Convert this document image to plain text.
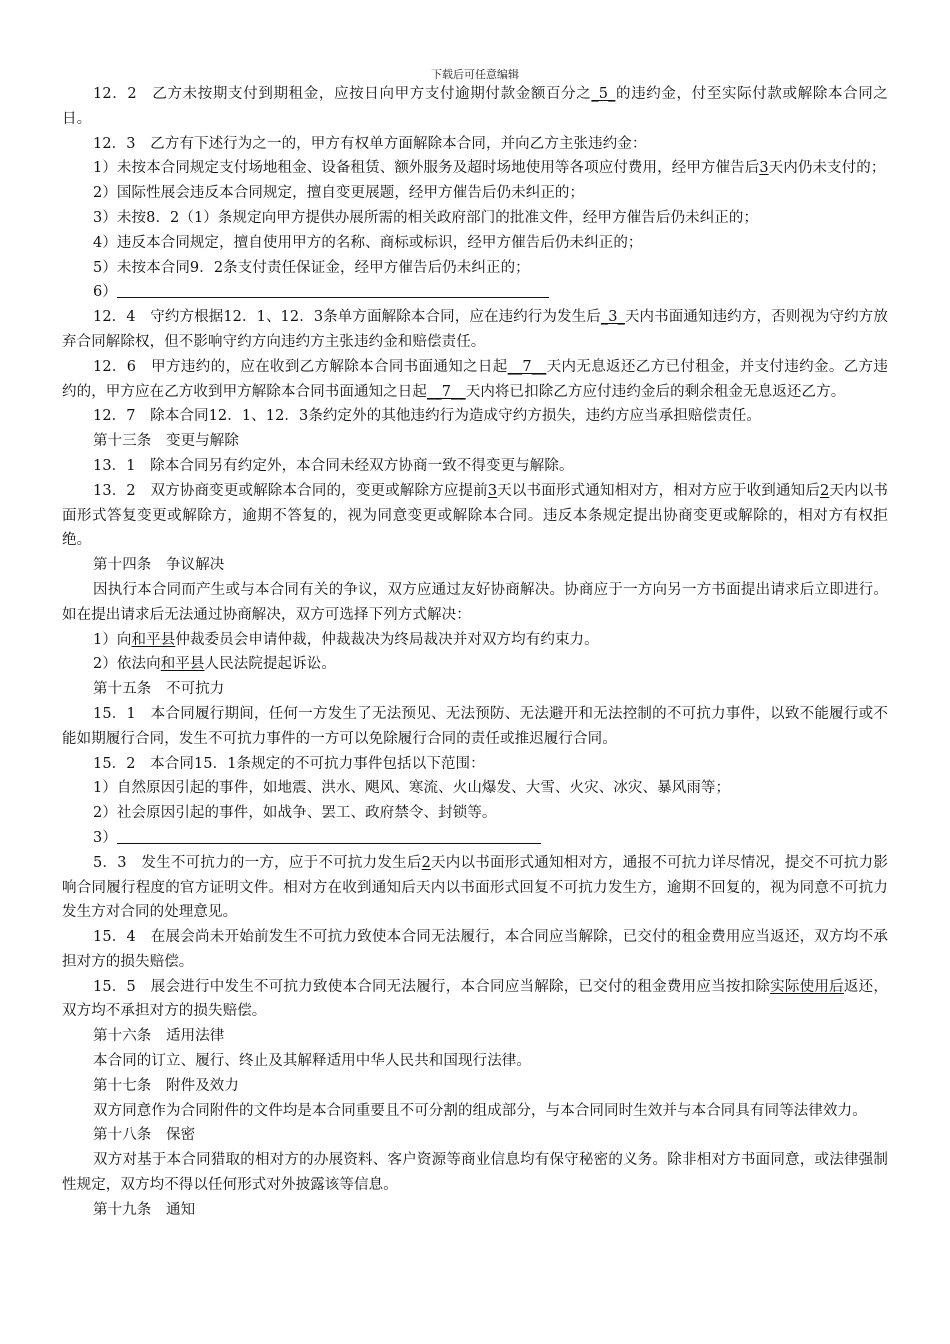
下载后可任意编辑

12．2　乙方未按期支付到期租金，应按日向甲方支付逾期付款金额百分之_5_的违约金，付至实际付款或解除本合同之日。

12．3　乙方有下述行为之一的，甲方有权单方面解除本合同，并向乙方主张违约金：

1）未按本合同规定支付场地租金、设备租赁、额外服务及超时场地使用等各项应付费用，经甲方催告后3天内仍未支付的；

2）国际性展会违反本合同规定，擅自变更展题，经甲方催告后仍未纠正的；

3）未按8．2（1）条规定向甲方提供办展所需的相关政府部门的批准文件，经甲方催告后仍未纠正的；

4）违反本合同规定，擅自使用甲方的名称、商标或标识，经甲方催告后仍未纠正的；

5）未按本合同9．2条支付责任保证金，经甲方催告后仍未纠正的；

6）

12．4　守约方根据12．1、12．3条单方面解除本合同，应在违约行为发生后_3_天内书面通知违约方，否则视为守约方放弃合同解除权，但不影响守约方向违约方主张违约金和赔偿责任。

12．6　甲方违约的，应在收到乙方解除本合同书面通知之日起__7__天内无息返还乙方已付租金，并支付违约金。乙方违约的，甲方应在乙方收到甲方解除本合同书面通知之日起__7__天内将已扣除乙方应付违约金后的剩余租金无息返还乙方。

12．7　除本合同12．1、12．3条约定外的其他违约行为造成守约方损失，违约方应当承担赔偿责任。

第十三条　变更与解除

13．1　除本合同另有约定外，本合同未经双方协商一致不得变更与解除。

13．2　双方协商变更或解除本合同的，变更或解除方应提前3天以书面形式通知相对方，相对方应于收到通知后2天内以书面形式答复变更或解除方，逾期不答复的，视为同意变更或解除本合同。违反本条规定提出协商变更或解除的，相对方有权拒绝。

第十四条　争议解决

因执行本合同而产生或与本合同有关的争议，双方应通过友好协商解决。协商应于一方向另一方书面提出请求后立即进行。如在提出请求后无法通过协商解决，双方可选择下列方式解决：

1）向和平县仲裁委员会申请仲裁，仲裁裁决为终局裁决并对双方均有约束力。

2）依法向和平县人民法院提起诉讼。

第十五条　不可抗力

15．1　本合同履行期间，任何一方发生了无法预见、无法预防、无法避开和无法控制的不可抗力事件，以致不能履行或不能如期履行合同，发生不可抗力事件的一方可以免除履行合同的责任或推迟履行合同。

15．2　本合同15．1条规定的不可抗力事件包括以下范围：

1）自然原因引起的事件，如地震、洪水、飓风、寒流、火山爆发、大雪、火灾、冰灾、暴风雨等；

2）社会原因引起的事件，如战争、罢工、政府禁令、封锁等。

3）

5．3　发生不可抗力的一方，应于不可抗力发生后2天内以书面形式通知相对方，通报不可抗力详尽情况，提交不可抗力影响合同履行程度的官方证明文件。相对方在收到通知后天内以书面形式回复不可抗力发生方，逾期不回复的，视为同意不可抗力发生方对合同的处理意见。

15．4　在展会尚未开始前发生不可抗力致使本合同无法履行，本合同应当解除，已交付的租金费用应当返还，双方均不承担对方的损失赔偿。

15．5　展会进行中发生不可抗力致使本合同无法履行，本合同应当解除，已交付的租金费用应当按扣除实际使用后返还，双方均不承担对方的损失赔偿。

第十六条　适用法律

本合同的订立、履行、终止及其解释适用中华人民共和国现行法律。

第十七条　附件及效力

双方同意作为合同附件的文件均是本合同重要且不可分割的组成部分，与本合同同时生效并与本合同具有同等法律效力。

第十八条　保密

双方对基于本合同猎取的相对方的办展资料、客户资源等商业信息均有保守秘密的义务。除非相对方书面同意，或法律强制性规定，双方均不得以任何形式对外披露该等信息。

第十九条　通知
